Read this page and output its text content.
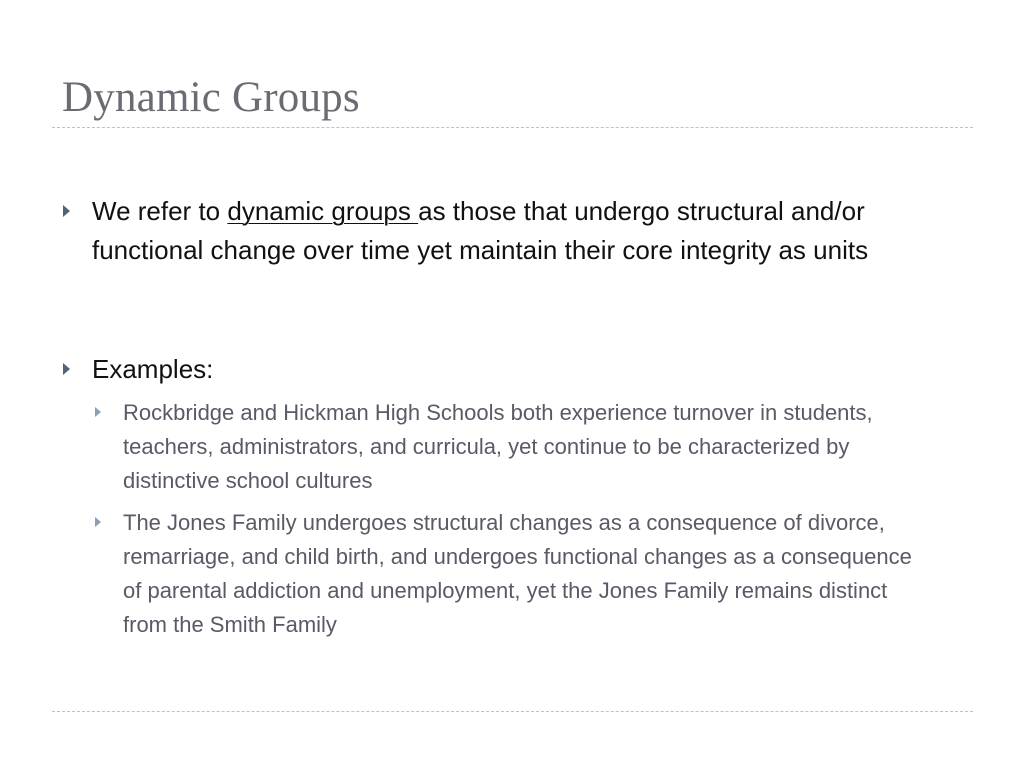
Dynamic Groups

We refer to dynamic groups as those that undergo structural and/or functional change over time yet maintain their core integrity as units

Examples:

Rockbridge and Hickman High Schools both experience turnover in students, teachers, administrators, and curricula, yet continue to be characterized by distinctive school cultures

The Jones Family undergoes structural changes as a consequence of divorce, remarriage, and child birth, and undergoes functional changes as a consequence of parental addiction and unemployment, yet the Jones Family remains distinct from the Smith Family
